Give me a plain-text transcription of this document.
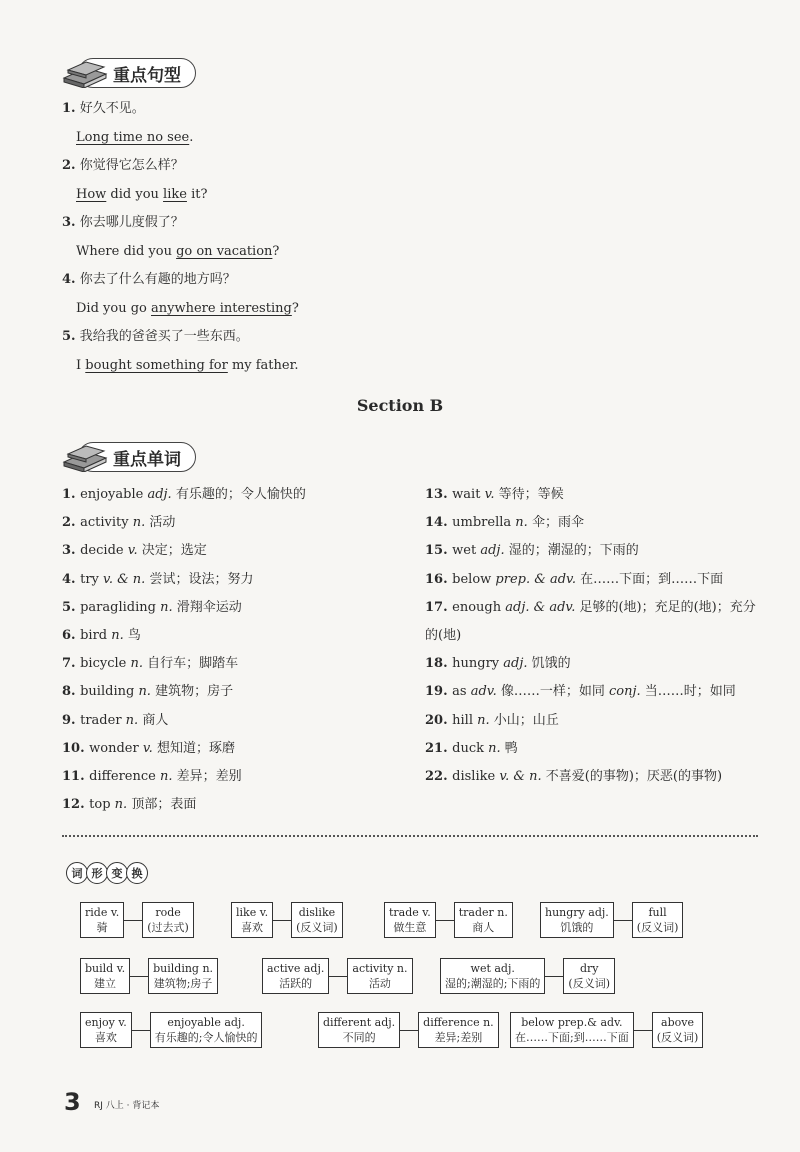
重点句型
1. 好久不见。
Long time no see.
2. 你觉得它怎么样？
How did you like it?
3. 你去哪儿度假了？
Where did you go on vacation?
4. 你去了什么有趣的地方吗？
Did you go anywhere interesting?
5. 我给我的爸爸买了一些东西。
I bought something for my father.
Section B
重点单词
1. enjoyable adj. 有乐趣的；令人愉快的
2. activity n. 活动
3. decide v. 决定；选定
4. try v. & n. 尝试；设法；努力
5. paragliding n. 滑翔伞运动
6. bird n. 鸟
7. bicycle n. 自行车；脚踏车
8. building n. 建筑物；房子
9. trader n. 商人
10. wonder v. 想知道；琢磨
11. difference n. 差异；差别
12. top n. 顶部；表面
13. wait v. 等待；等候
14. umbrella n. 伞；雨伞
15. wet adj. 湿的；潮湿的；下雨的
16. below prep. & adv. 在……下面；到……下面
17. enough adj. & adv. 足够的(地)；充足的(地)；充分
的(地)
18. hungry adj. 饥饿的
19. as adv. 像……一样；如同 conj. 当……时；如同
20. hill n. 小山；山丘
21. duck n. 鸭
22. dislike v. & n. 不喜爱(的事物)；厌恶(的事物)
词 形 变 换
ride v.
骑
rode
(过去式)
like v.
喜欢
dislike
(反义词)
trade v.
做生意
trader n.
商人
hungry adj.
饥饿的
full
(反义词)
build v.
建立
building n.
建筑物;房子
active adj.
活跃的
activity n.
活动
wet adj.
湿的;潮湿的;下雨的
dry
(反义词)
enjoy v.
喜欢
enjoyable adj.
有乐趣的;令人愉快的
different adj.
不同的
difference n.
差异;差别
below prep.& adv.
在……下面;到……下面
above
(反义词)
3 RJ 八上 · 背记本
